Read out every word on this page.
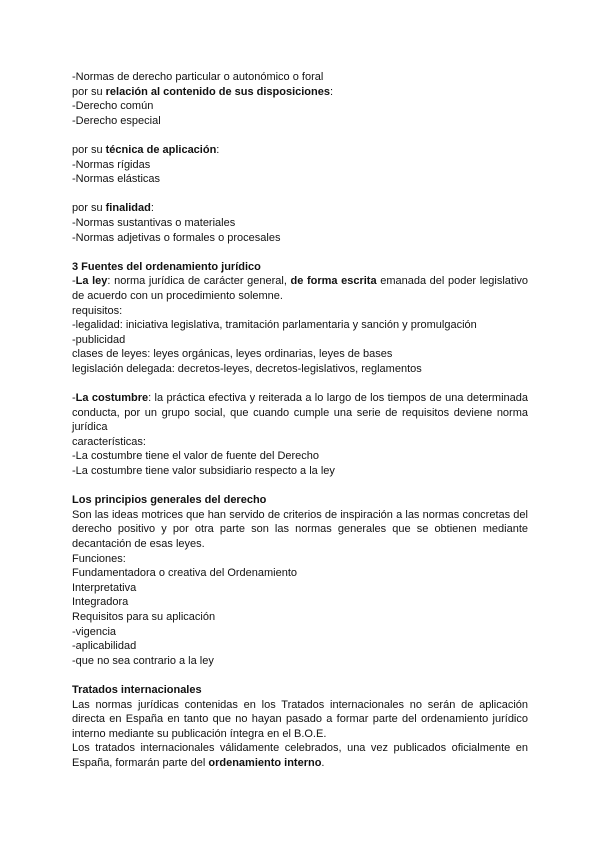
-Normas de derecho particular o autonómico o foral
por su relación al contenido de sus disposiciones:
-Derecho común
-Derecho especial
por su técnica de aplicación:
-Normas rígidas
-Normas elásticas
por su finalidad:
-Normas sustantivas o materiales
-Normas adjetivas o formales o procesales
3 Fuentes del ordenamiento jurídico
-La ley: norma jurídica de carácter general, de forma escrita emanada del poder legislativo de acuerdo con un procedimiento solemne.
requisitos:
-legalidad: iniciativa legislativa, tramitación parlamentaria y sanción y promulgación
-publicidad
clases de leyes: leyes orgánicas, leyes ordinarias, leyes de bases
legislación delegada: decretos-leyes, decretos-legislativos, reglamentos
-La costumbre: la práctica efectiva y reiterada a lo largo de los tiempos de una determinada conducta, por un grupo social, que cuando cumple una serie de requisitos deviene norma jurídica
características:
-La costumbre tiene el valor de fuente del Derecho
-La costumbre tiene valor subsidiario respecto a la ley
Los principios generales del derecho
Son las ideas motrices que han servido de criterios de inspiración a las normas concretas del derecho positivo y por otra parte son las normas generales que se obtienen mediante decantación de esas leyes.
Funciones:
Fundamentadora o creativa del Ordenamiento
Interpretativa
Integradora
Requisitos para su aplicación
-vigencia
-aplicabilidad
-que no sea contrario a la ley
Tratados internacionales
Las normas jurídicas contenidas en los Tratados internacionales no serán de aplicación directa en España en tanto que no hayan pasado a formar parte del ordenamiento jurídico interno mediante su publicación íntegra en el B.O.E.
Los tratados internacionales válidamente celebrados, una vez publicados oficialmente en España, formarán parte del ordenamiento interno.
